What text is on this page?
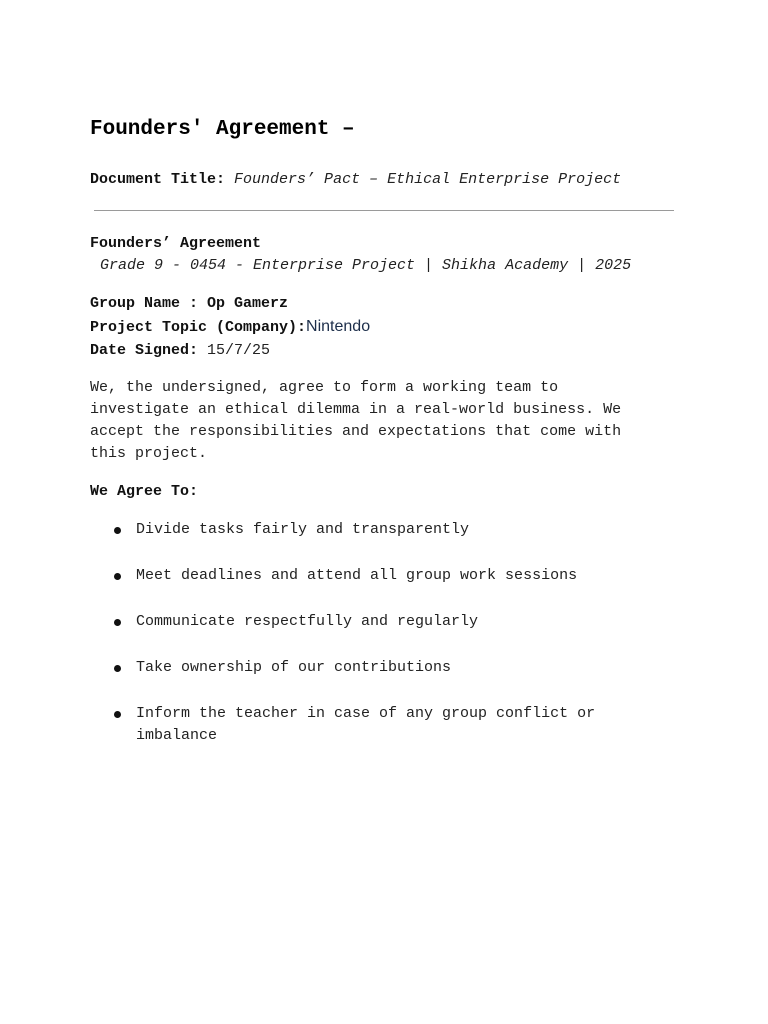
Founders' Agreement –
Document Title: Founders’ Pact – Ethical Enterprise Project
Founders’ Agreement
Grade 9 - 0454 - Enterprise Project | Shikha Academy | 2025
Group Name : Op Gamerz
Project Topic (Company):Nintendo
Date Signed: 15/7/25

We, the undersigned, agree to form a working team to
investigate an ethical dilemma in a real-world business. We
accept the responsibilities and expectations that come with
this project.

We Agree To:
Divide tasks fairly and transparently
Meet deadlines and attend all group work sessions
Communicate respectfully and regularly
Take ownership of our contributions
Inform the teacher in case of any group conflict or
imbalance
